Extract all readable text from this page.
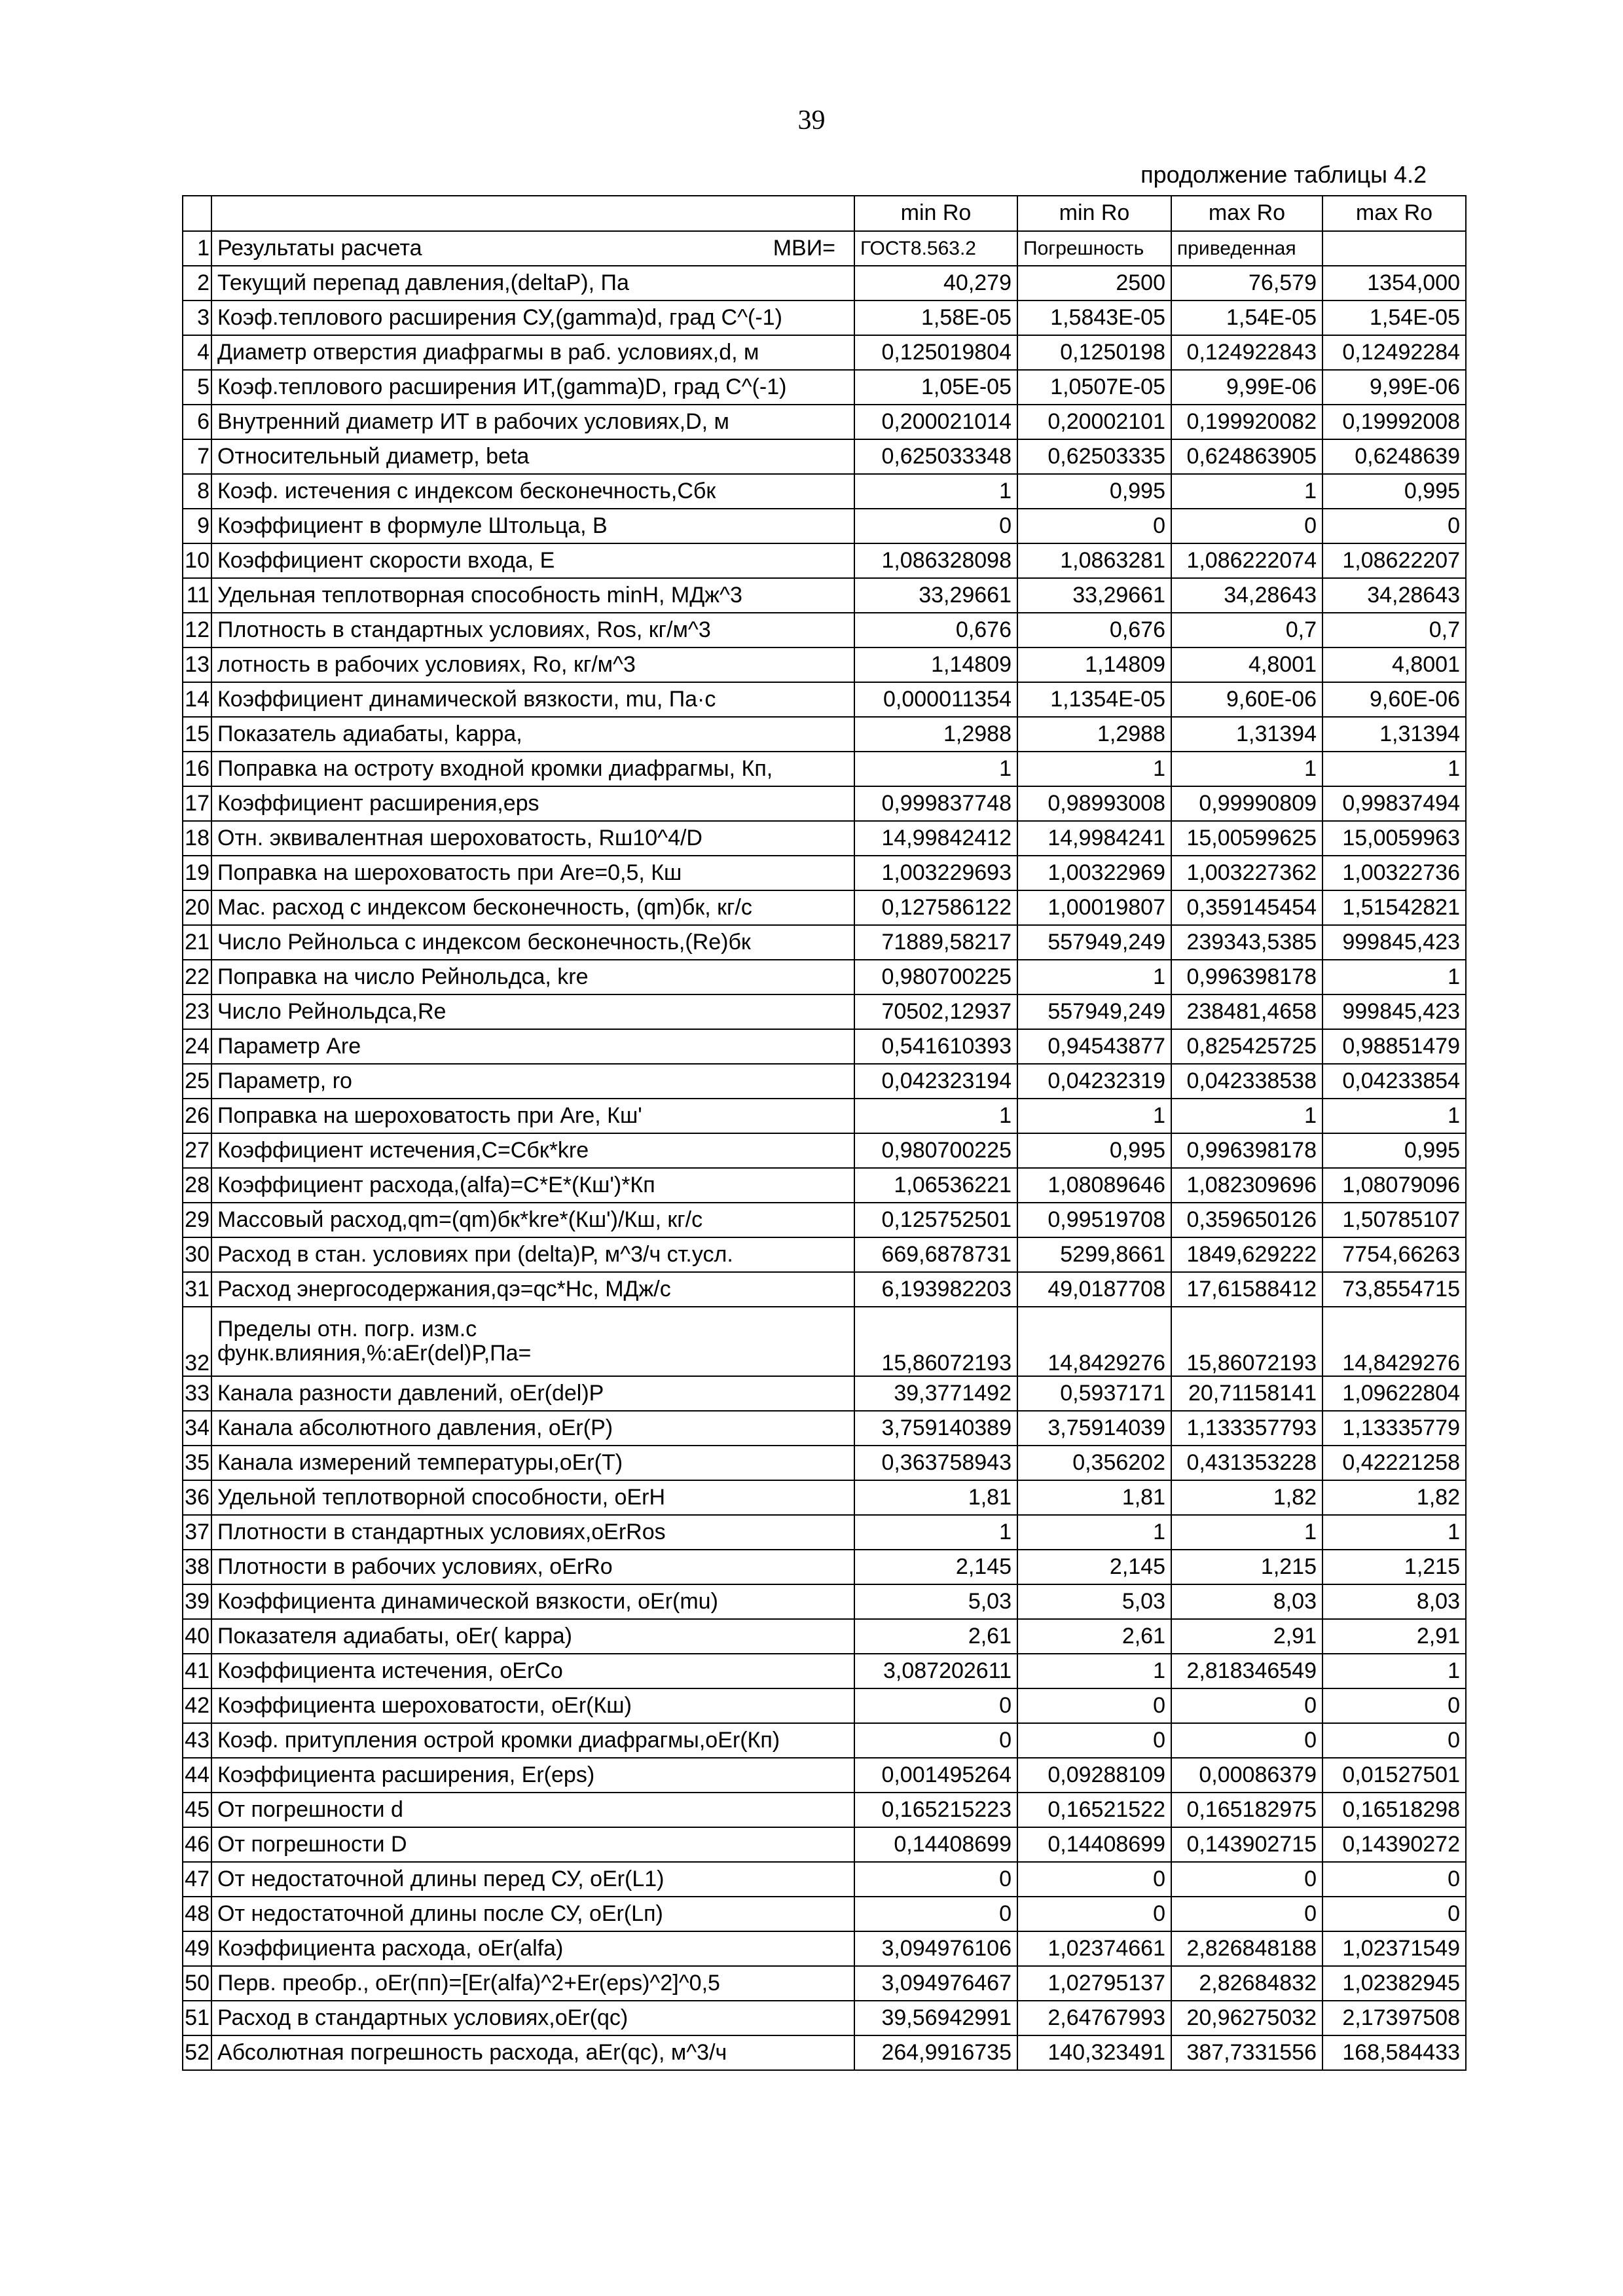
39
продолжение таблицы 4.2
		min Ro	min Ro	max Ro	max Ro
1	Результаты расчета МВИ=	ГОСТ8.563.2	Погрешность	приведенная	
2	Текущий перепад давления,(deltaP), Па	40,279	2500	76,579	1354,000
3	Коэф.теплового расширения СУ,(gamma)d, град С^(-1)	1,58E-05	1,5843E-05	1,54E-05	1,54E-05
4	Диаметр отверстия диафрагмы в раб. условиях,d, м	0,125019804	0,1250198	0,124922843	0,12492284
5	Коэф.теплового расширения ИТ,(gamma)D, град С^(-1)	1,05E-05	1,0507E-05	9,99E-06	9,99E-06
6	Внутренний диаметр ИТ в рабочих условиях,D, м	0,200021014	0,20002101	0,199920082	0,19992008
7	Относительный диаметр, beta	0,625033348	0,62503335	0,624863905	0,6248639
8	Коэф. истечения с индексом бесконечность,Сбк	1	0,995	1	0,995
9	Коэффициент в формуле Штольца, В	0	0	0	0
10	Коэффициент скорости входа, Е	1,086328098	1,0863281	1,086222074	1,08622207
11	Удельная теплотворная способность minH, МДж^3	33,29661	33,29661	34,28643	34,28643
12	Плотность в стандартных условиях, Ros, кг/м^3	0,676	0,676	0,7	0,7
13	лотность в рабочих условиях, Ro, кг/м^3	1,14809	1,14809	4,8001	4,8001
14	Коэффициент динамической вязкости, mu, Па·с	0,000011354	1,1354E-05	9,60E-06	9,60E-06
15	Показатель адиабаты, kappa,	1,2988	1,2988	1,31394	1,31394
16	Поправка на остроту входной кромки диафрагмы, Кп,	1	1	1	1
17	Коэффициент расширения,eps	0,999837748	0,98993008	0,99990809	0,99837494
18	Отн. эквивалентная шероховатость, Rш10^4/D	14,99842412	14,9984241	15,00599625	15,0059963
19	Поправка на шероховатость при Аrе=0,5, Кш	1,003229693	1,00322969	1,003227362	1,00322736
20	Мас. расход с индексом бесконечность, (qm)бк, кг/с	0,127586122	1,00019807	0,359145454	1,51542821
21	Число Рейнольса с индексом бесконечность,(Re)бк	71889,58217	557949,249	239343,5385	999845,423
22	Поправка на число Рейнольдса, kre	0,980700225	1	0,996398178	1
23	Число Рейнольдса,Re	70502,12937	557949,249	238481,4658	999845,423
24	Параметр Аrе	0,541610393	0,94543877	0,825425725	0,98851479
25	Параметр, rо	0,042323194	0,04232319	0,042338538	0,04233854
26	Поправка на шероховатость при Аrе, Кш'	1	1	1	1
27	Коэффициент истечения,С=Сбк*kre	0,980700225	0,995	0,996398178	0,995
28	Коэффициент расхода,(alfa)=C*E*(Кш')*Кп	1,06536221	1,08089646	1,082309696	1,08079096
29	Массовый расход,qm=(qm)бк*kre*(Кш')/Кш, кг/с	0,125752501	0,99519708	0,359650126	1,50785107
30	Расход в стан. условиях при (delta)P, м^3/ч ст.усл.	669,6878731	5299,8661	1849,629222	7754,66263
31	Расход энергосодержания,qэ=qc*Hc, МДж/с	6,193982203	49,0187708	17,61588412	73,8554715
32	Пределы отн. погр. изм.с
функ.влияния,%:aEr(del)P,Па=	15,86072193	14,8429276	15,86072193	14,8429276
33	Канала разности давлений, oEr(del)P	39,3771492	0,5937171	20,71158141	1,09622804
34	Канала абсолютного давления, oEr(P)	3,759140389	3,75914039	1,133357793	1,13335779
35	Канала измерений температуры,oEr(T)	0,363758943	0,356202	0,431353228	0,42221258
36	Удельной теплотворной способности, oErH	1,81	1,81	1,82	1,82
37	Плотности в стандартных условиях,oErRos	1	1	1	1
38	Плотности в рабочих условиях, oErRo	2,145	2,145	1,215	1,215
39	Коэффициента динамической вязкости, oEr(mu)	5,03	5,03	8,03	8,03
40	Показателя адиабаты, oEr( kappa)	2,61	2,61	2,91	2,91
41	Коэффициента истечения, oErCo	3,087202611	1	2,818346549	1
42	Коэффициента шероховатости, oEr(Кш)	0	0	0	0
43	Коэф. притупления острой кромки диафрагмы,oEr(Кп)	0	0	0	0
44	Коэффициента расширения, Er(eps)	0,001495264	0,09288109	0,00086379	0,01527501
45	От погрешности d	0,165215223	0,16521522	0,165182975	0,16518298
46	От погрешности D	0,14408699	0,14408699	0,143902715	0,14390272
47	От недостаточной длины перед СУ, oEr(L1)	0	0	0	0
48	От недостаточной длины после СУ, oEr(Lп)	0	0	0	0
49	Коэффициента расхода, oEr(alfa)	3,094976106	1,02374661	2,826848188	1,02371549
50	Перв. преобр., oEr(пп)=[Er(alfa)^2+Er(eps)^2]^0,5	3,094976467	1,02795137	2,82684832	1,02382945
51	Расход в стандартных условиях,oEr(qc)	39,56942991	2,64767993	20,96275032	2,17397508
52	Абсолютная погрешность расхода, aEr(qc), м^3/ч	264,9916735	140,323491	387,7331556	168,584433
